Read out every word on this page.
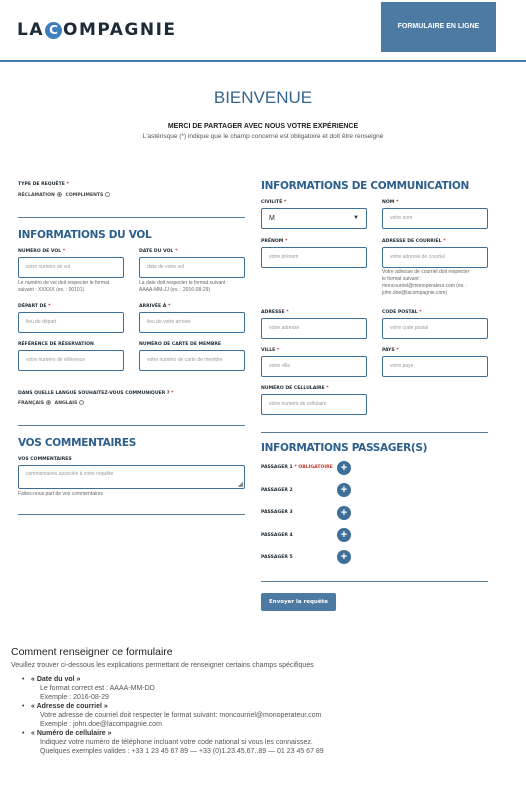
LA C OMPAGNIE	FORMULAIRE EN LIGNE
BIENVENUE
MERCI DE PARTAGER AVEC NOUS VOTRE EXPÉRIENCE
L'astérisque (*) indique que le champ concerné est obligatoire et doit être renseigné
TYPE DE REQUÊTE *
RÉCLAMATION COMPLIMENTS
INFORMATIONS DU VOL
NUMÉRO DE VOL *
votre numéro de vol
Le numéro de vol doit respecter le format
suivant : XXXXX (ex. : 00101)
DATE DU VOL *
date de votre vol
La date doit respecter le format suivant :
AAAA-MM-JJ (ex. : 2016-08-29)
DÉPART DE *
lieu de départ
ARRIVÉE À *
lieu de votre arrivée
RÉFÉRENCE DE RÉSERVATION
votre numéro de référence
NUMÉRO DE CARTE DE MEMBRE
votre numéro de carte de membre
DANS QUELLE LANGUE SOUHAITEZ-VOUS COMMUNIQUER ? *
FRANÇAIS ANGLAIS
VOS COMMENTAIRES
VOS COMMENTAIRES
commentaires associés à votre requête
◢
Faites-nous part de vos commentaires
INFORMATIONS DE COMMUNICATION
CIVILITÉ *
M	▼
NOM *
votre nom
PRÉNOM *
votre prénom
ADRESSE DE COURRIEL *
votre adresse de courriel
Votre adresse de courriel doit respecter
le format suivant :
moncourriel@monoperateur.com (ex. :
john.doe@lacompagnie.com)
ADRESSE *
votre adresse
CODE POSTAL *
votre code postal
VILLE *
votre ville
PAYS *
votre pays
NUMÉRO DE CELLULAIRE *
votre numéro de cellulaire
INFORMATIONS PASSAGER(S)
PASSAGER 1 * OBLIGATOIRE +
PASSAGER 2	+
PASSAGER 3	+
PASSAGER 4	+
PASSAGER 5	+
Envoyer la requête
Comment renseigner ce formulaire
Veuillez trouver ci-dessous les explications permettant de renseigner certains champs spécifiques
• « Date du vol »
Le format correct est : AAAA-MM-DD
Exemple : 2016-08-29
• « Adresse de courriel »
Votre adresse de courriel doit respecter le format suivant: moncourriel@monoperateur.com
Exemple : john.doe@lacompagnie.com
• « Numéro de cellulaire »
Indiquez votre numéro de téléphone incluant votre code national si vous les connaissez.
Quelques exemples valides : +33 1 23 45 67 89 — +33 (0)1.23.45.67..89 — 01 23 45 67 89
